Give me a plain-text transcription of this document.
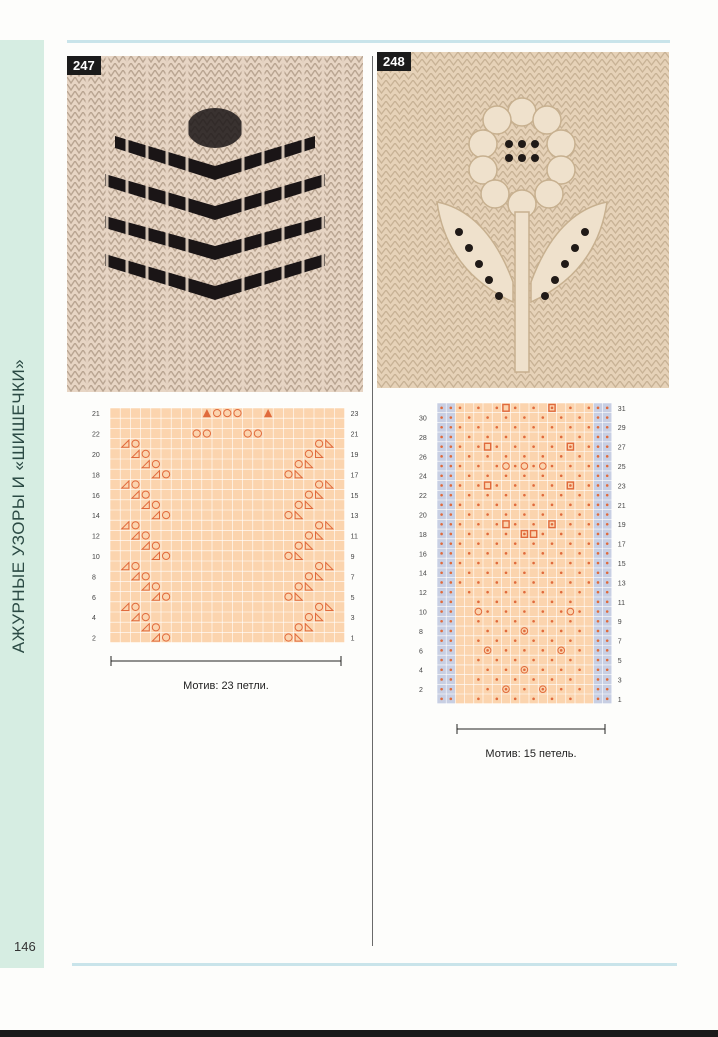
АЖУРНЫЕ УЗОРЫ И «ШИШЕЧКИ»
146
247	248
21
22
20
18
16
14
12
10
8
6
4
2
23
21
19
17
15
13
11
9
7
5
3
1
Мотив: 23 петли.
30
28
26
24
22
20
18
16
14
12
10
8
6
4
2
31
29
27
25
23
21
19
17
15
13
11
9
7
5
3
1
Мотив: 15 петель.
